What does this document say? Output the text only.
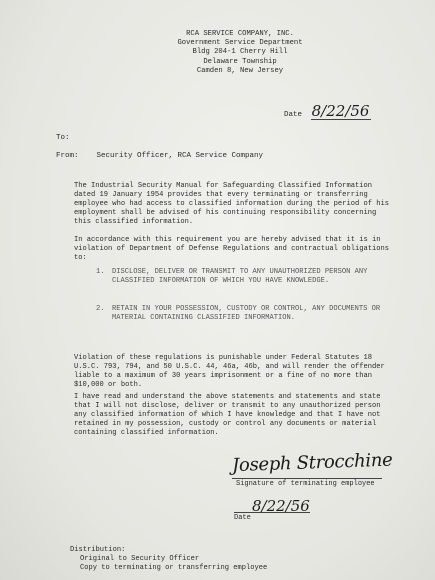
RCA SERVICE COMPANY, INC.
Government Service Department
Bldg 204-1 Cherry Hill
Delaware Township
Camden 8, New Jersey
Date 8/22/56
To:
From: Security Officer, RCA Service Company

The Industrial Security Manual for Safeguarding Classified Information dated 19 January 1954 provides that every terminating or transferring employee who had access to classified information during the period of his employment shall be advised of his continuing responsibility concerning this classified information.

In accordance with this requirement you are hereby advised that it is in violation of Department of Defense Regulations and contractual obligations to:

1.	DISCLOSE, DELIVER OR TRANSMIT TO ANY UNAUTHORIZED PERSON ANY CLASSIFIED INFORMATION OF WHICH YOU HAVE KNOWLEDGE.
2.	RETAIN IN YOUR POSSESSION, CUSTODY OR CONTROL, ANY DOCUMENTS OR MATERIAL CONTAINING CLASSIFIED INFORMATION.

Violation of these regulations is punishable under Federal Statutes 18 U.S.C. 793, 794, and 50 U.S.C. 44, 46a, 46b, and will render the offender liable to a maximum of 30 years imprisonment or a fine of no more than $10,000 or both.

I have read and understand the above statements and statements and state that I will not disclose, deliver or transmit to any unauthorized person any classified information of which I have knowledge and that I have not retained in my possession, custody or control any documents or material containing classified information.

Joseph Strocchine
Signature of terminating employee
8/22/56
Date
Distribution:
Original to Security Officer
Copy to terminating or transferring employee
